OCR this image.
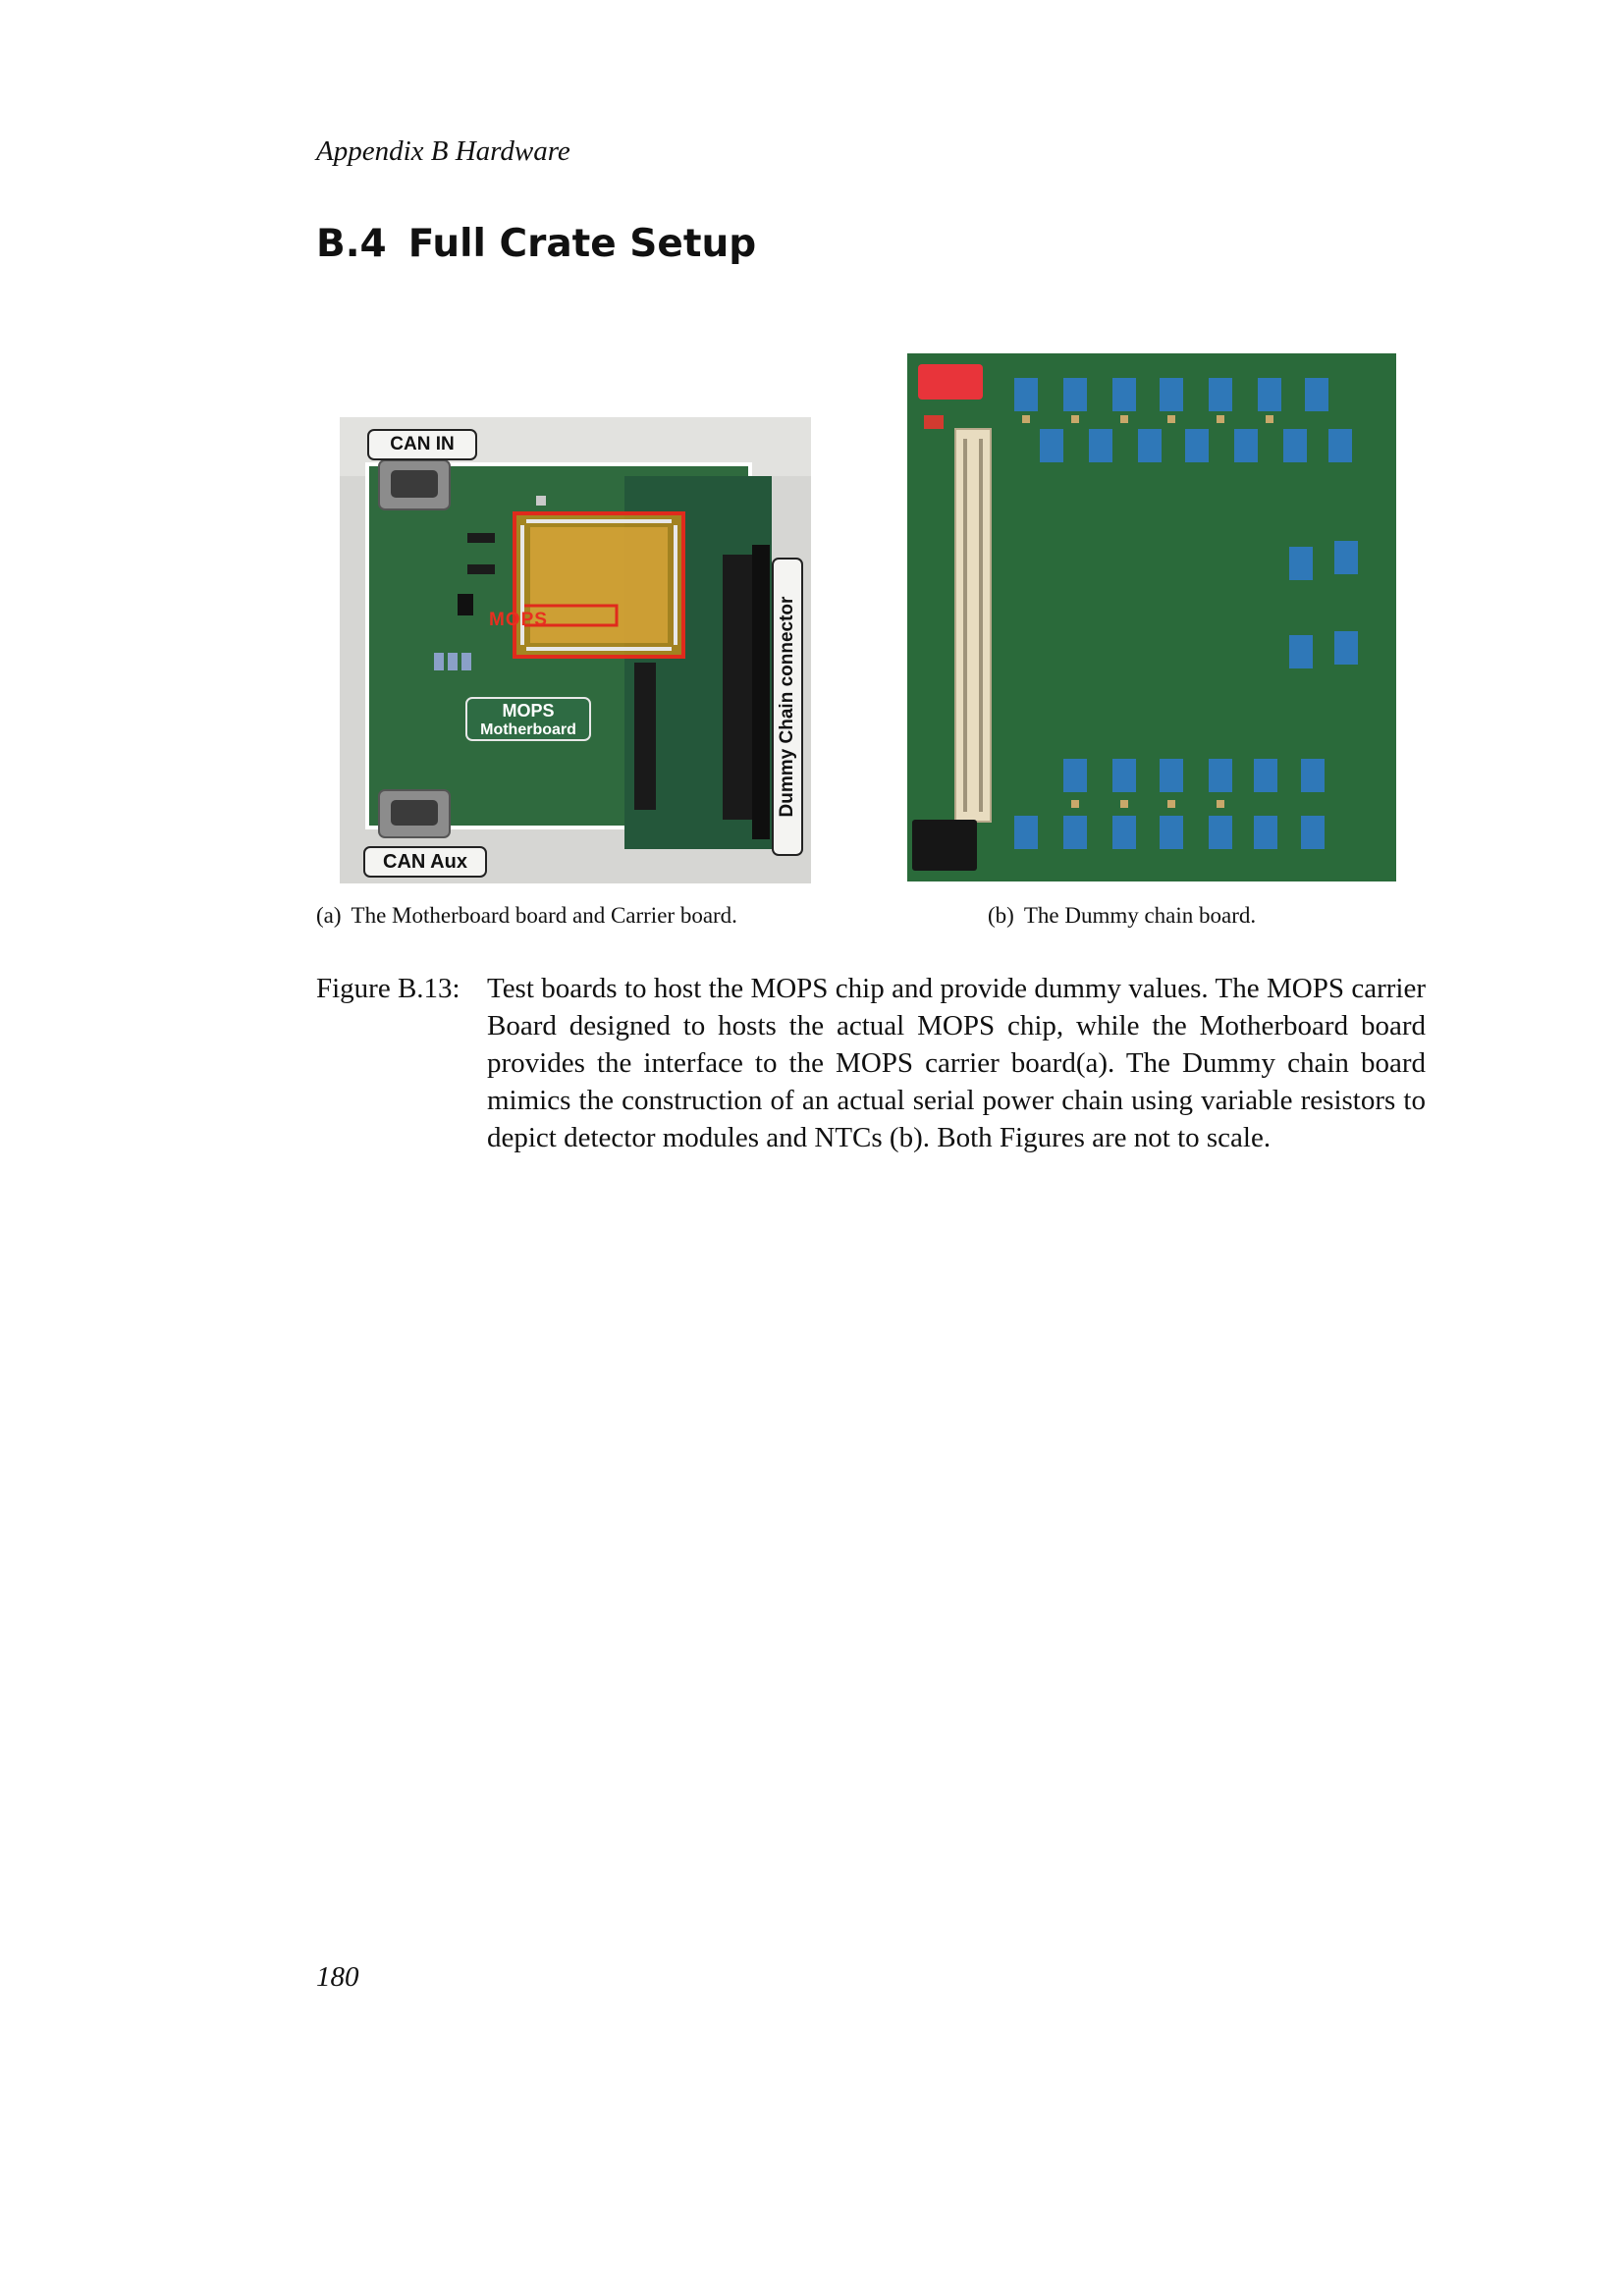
Appendix B Hardware
B.4 Full Crate Setup
CAN IN
CAN Aux
MOPS
Motherboard
MOPS	Dummy Chain connector
(a) The Motherboard board and Carrier board.	(b) The Dummy chain board.
Figure B.13: Test boards to host the MOPS chip and provide dummy values. The MOPS carrier Board designed to hosts the actual MOPS chip, while the Motherboard board provides the interface to the MOPS carrier board(a). The Dummy chain board mimics the construction of an actual serial power chain using variable resistors to depict detector modules and NTCs (b). Both Figures are not to scale.
180
